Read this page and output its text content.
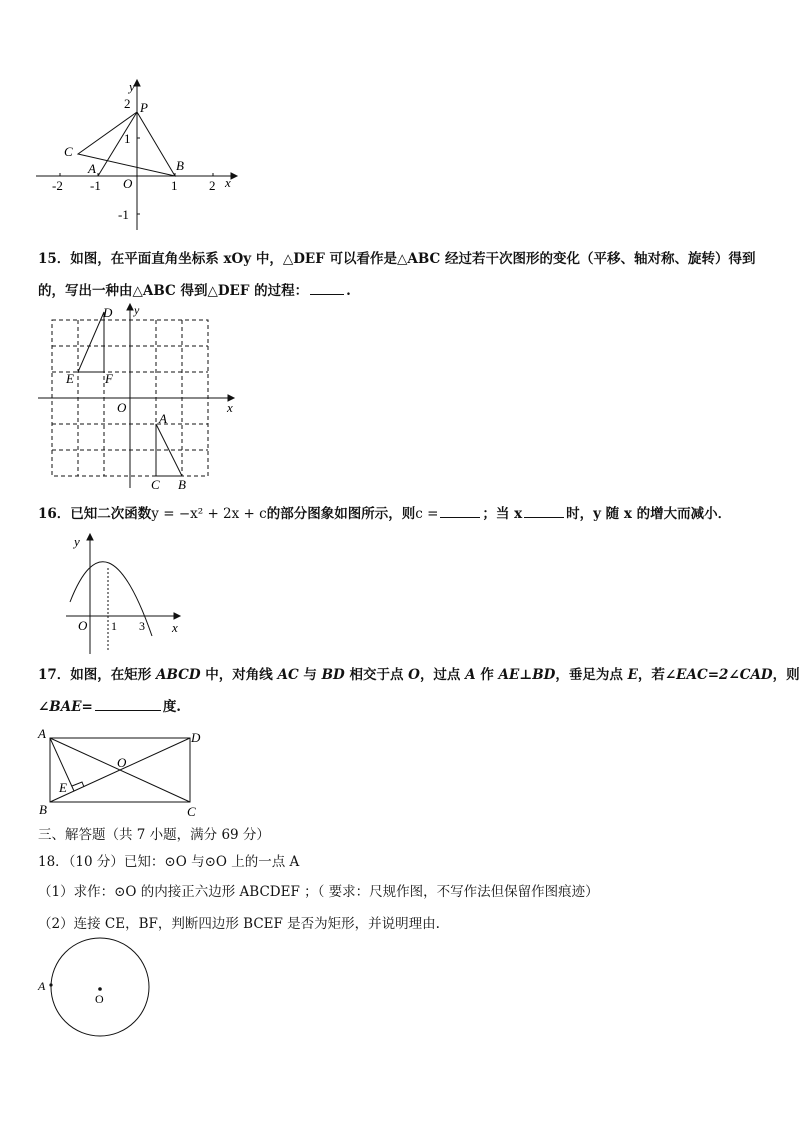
y
x
O
-2 -1	1 2
2
1
-1
P
C
A	B
15．如图，在平面直角坐标系 xOy 中，△DEF 可以看作是△ABC 经过若干次图形的变化（平移、轴对称、旋转）得到
的，写出一种由△ABC 得到△DEF 的过程：	.
y
x
O
D
E F
A
B
C
16．已知二次函数y = −x² + 2x + c的部分图象如图所示，则c =	；当 x	时，y 随 x 的增大而减小．
y
x
O 1 3
17．如图，在矩形 ABCD 中，对角线 AC 与 BD 相交于点 O，过点 A 作 AE⊥BD，垂足为点 E，若∠EAC=2∠CAD，则
∠BAE=	度.
A
B	C
D
E
O
三、解答题（共 7 小题，满分 69 分）
18．（10 分）已知：⊙O 与⊙O 上的一点 A
（1）求作：⊙O 的内接正六边形 ABCDEF ；（ 要求：尺规作图，不写作法但保留作图痕迹）
（2）连接 CE，BF，判断四边形 BCEF 是否为矩形，并说明理由.
A
O
